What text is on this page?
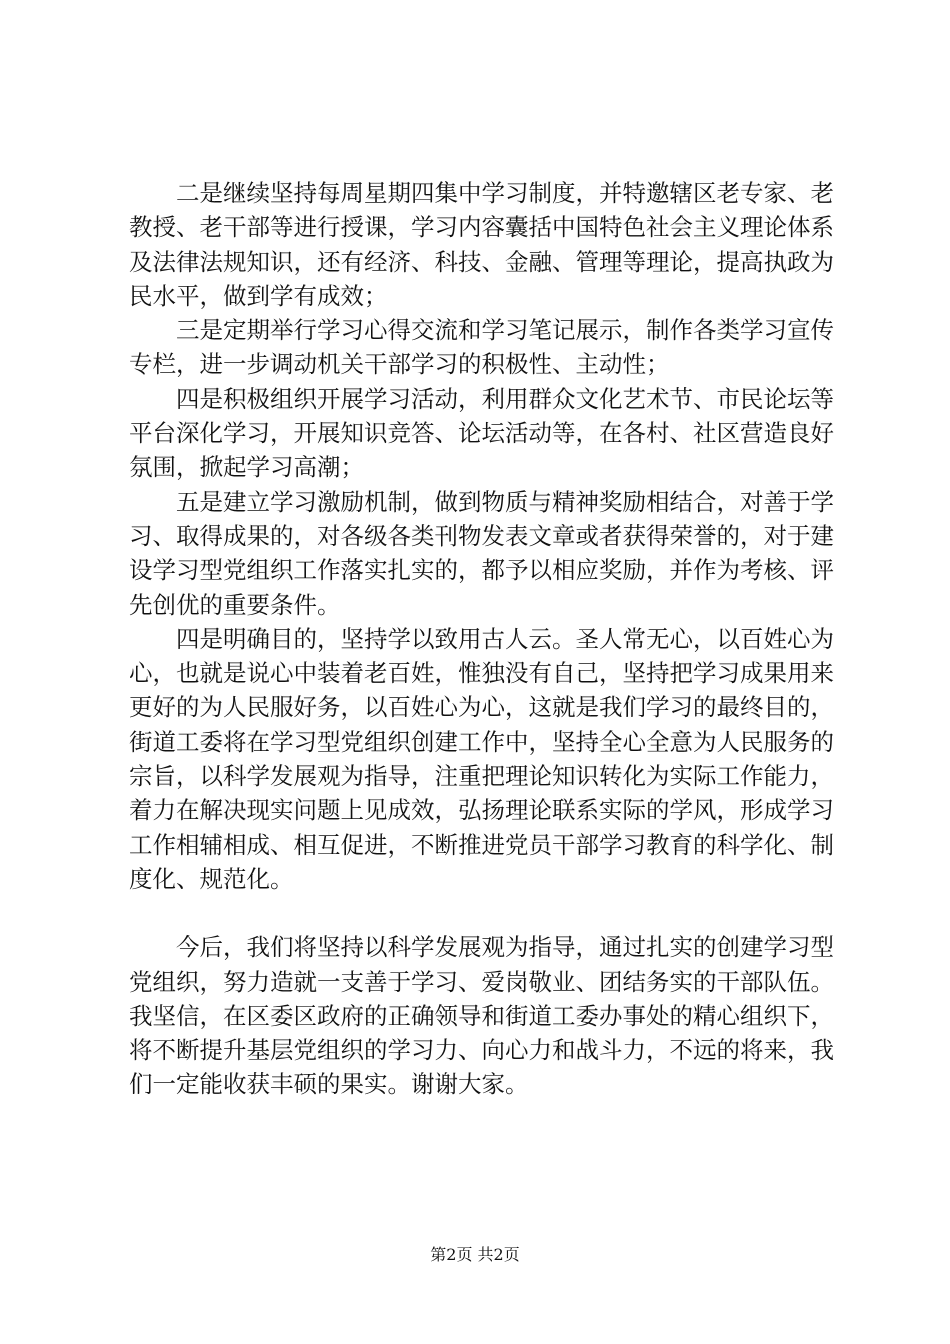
二是继续坚持每周星期四集中学习制度，并特邀辖区老专家、老教授、老干部等进行授课，学习内容囊括中国特色社会主义理论体系及法律法规知识，还有经济、科技、金融、管理等理论，提高执政为民水平，做到学有成效；

三是定期举行学习心得交流和学习笔记展示，制作各类学习宣传专栏，进一步调动机关干部学习的积极性、主动性；

四是积极组织开展学习活动，利用群众文化艺术节、市民论坛等平台深化学习，开展知识竞答、论坛活动等，在各村、社区营造良好氛围，掀起学习高潮；

五是建立学习激励机制，做到物质与精神奖励相结合，对善于学习、取得成果的，对各级各类刊物发表文章或者获得荣誉的，对于建设学习型党组织工作落实扎实的，都予以相应奖励，并作为考核、评先创优的重要条件。

四是明确目的，坚持学以致用古人云。圣人常无心，以百姓心为心，也就是说心中装着老百姓，惟独没有自己，坚持把学习成果用来更好的为人民服好务，以百姓心为心，这就是我们学习的最终目的，街道工委将在学习型党组织创建工作中，坚持全心全意为人民服务的宗旨，以科学发展观为指导，注重把理论知识转化为实际工作能力，着力在解决现实问题上见成效，弘扬理论联系实际的学风，形成学习工作相辅相成、相互促进，不断推进党员干部学习教育的科学化、制度化、规范化。

今后，我们将坚持以科学发展观为指导，通过扎实的创建学习型党组织，努力造就一支善于学习、爱岗敬业、团结务实的干部队伍。我坚信，在区委区政府的正确领导和街道工委办事处的精心组织下，将不断提升基层党组织的学习力、向心力和战斗力，不远的将来，我们一定能收获丰硕的果实。谢谢大家。

第2页 共2页
